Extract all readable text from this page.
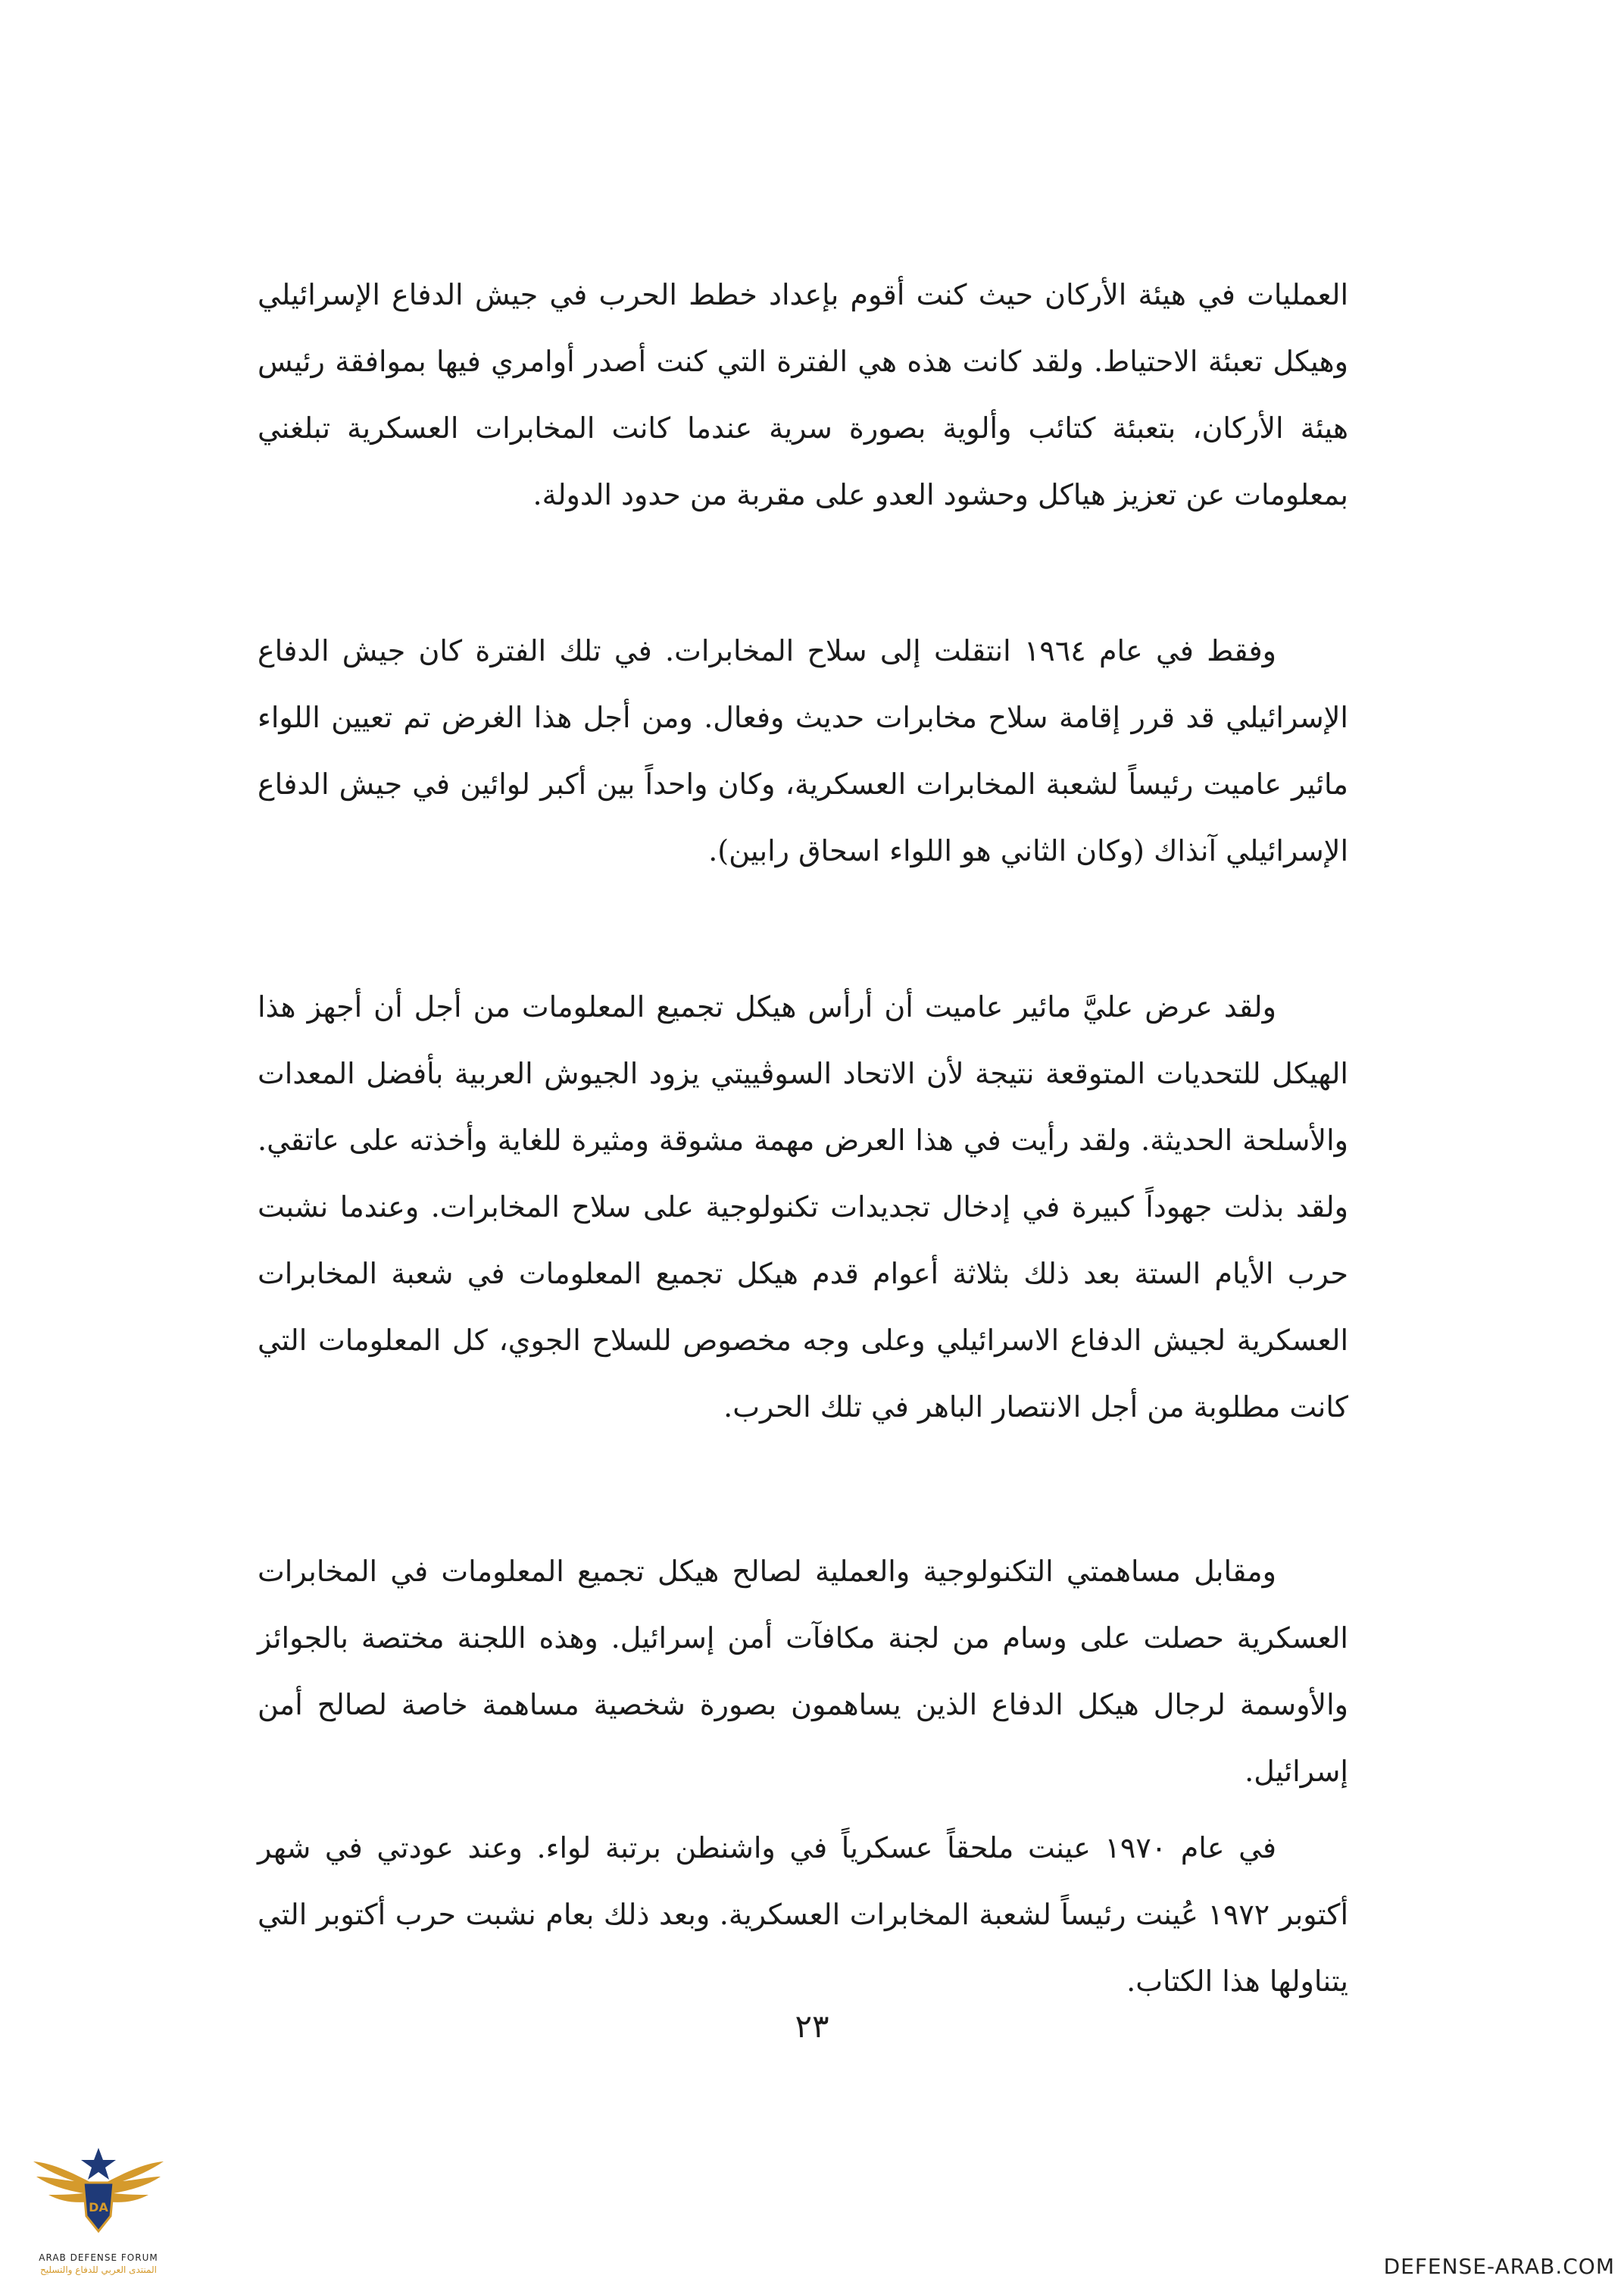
العمليات في هيئة الأركان حيث كنت أقوم بإعداد خطط الحرب في جيش الدفاع الإسرائيلي وهيكل تعبئة الاحتياط. ولقد كانت هذه هي الفترة التي كنت أصدر أوامري فيها بموافقة رئيس هيئة الأركان، بتعبئة كتائب وألوية بصورة سرية عندما كانت المخابرات العسكرية تبلغني بمعلومات عن تعزيز هياكل وحشود العدو على مقربة من حدود الدولة.

وفقط في عام ١٩٦٤ انتقلت إلى سلاح المخابرات. في تلك الفترة كان جيش الدفاع الإسرائيلي قد قرر إقامة سلاح مخابرات حديث وفعال. ومن أجل هذا الغرض تم تعيين اللواء مائير عاميت رئيساً لشعبة المخابرات العسكرية، وكان واحداً بين أكبر لوائين في جيش الدفاع الإسرائيلي آنذاك (وكان الثاني هو اللواء اسحاق رابين).

ولقد عرض عليَّ مائير عاميت أن أرأس هيكل تجميع المعلومات من أجل أن أجهز هذا الهيكل للتحديات المتوقعة نتيجة لأن الاتحاد السوڤييتي يزود الجيوش العربية بأفضل المعدات والأسلحة الحديثة. ولقد رأيت في هذا العرض مهمة مشوقة ومثيرة للغاية وأخذته على عاتقي. ولقد بذلت جهوداً كبيرة في إدخال تجديدات تكنولوجية على سلاح المخابرات. وعندما نشبت حرب الأيام الستة بعد ذلك بثلاثة أعوام قدم هيكل تجميع المعلومات في شعبة المخابرات العسكرية لجيش الدفاع الاسرائيلي وعلى وجه مخصوص للسلاح الجوي، كل المعلومات التي كانت مطلوبة من أجل الانتصار الباهر في تلك الحرب.

ومقابل مساهمتي التكنولوجية والعملية لصالح هيكل تجميع المعلومات في المخابرات العسكرية حصلت على وسام من لجنة مكافآت أمن إسرائيل. وهذه اللجنة مختصة بالجوائز والأوسمة لرجال هيكل الدفاع الذين يساهمون بصورة شخصية مساهمة خاصة لصالح أمن إسرائيل.

في عام ١٩٧٠ عينت ملحقاً عسكرياً في واشنطن برتبة لواء. وعند عودتي في شهر أكتوبر ١٩٧٢ عُينت رئيساً لشعبة المخابرات العسكرية. وبعد ذلك بعام نشبت حرب أكتوبر التي يتناولها هذا الكتاب.

٢٣
DA
ARAB DEFENSE FORUM
المنتدى العربي للدفاع والتسليح	DEFENSE-ARAB.COM
